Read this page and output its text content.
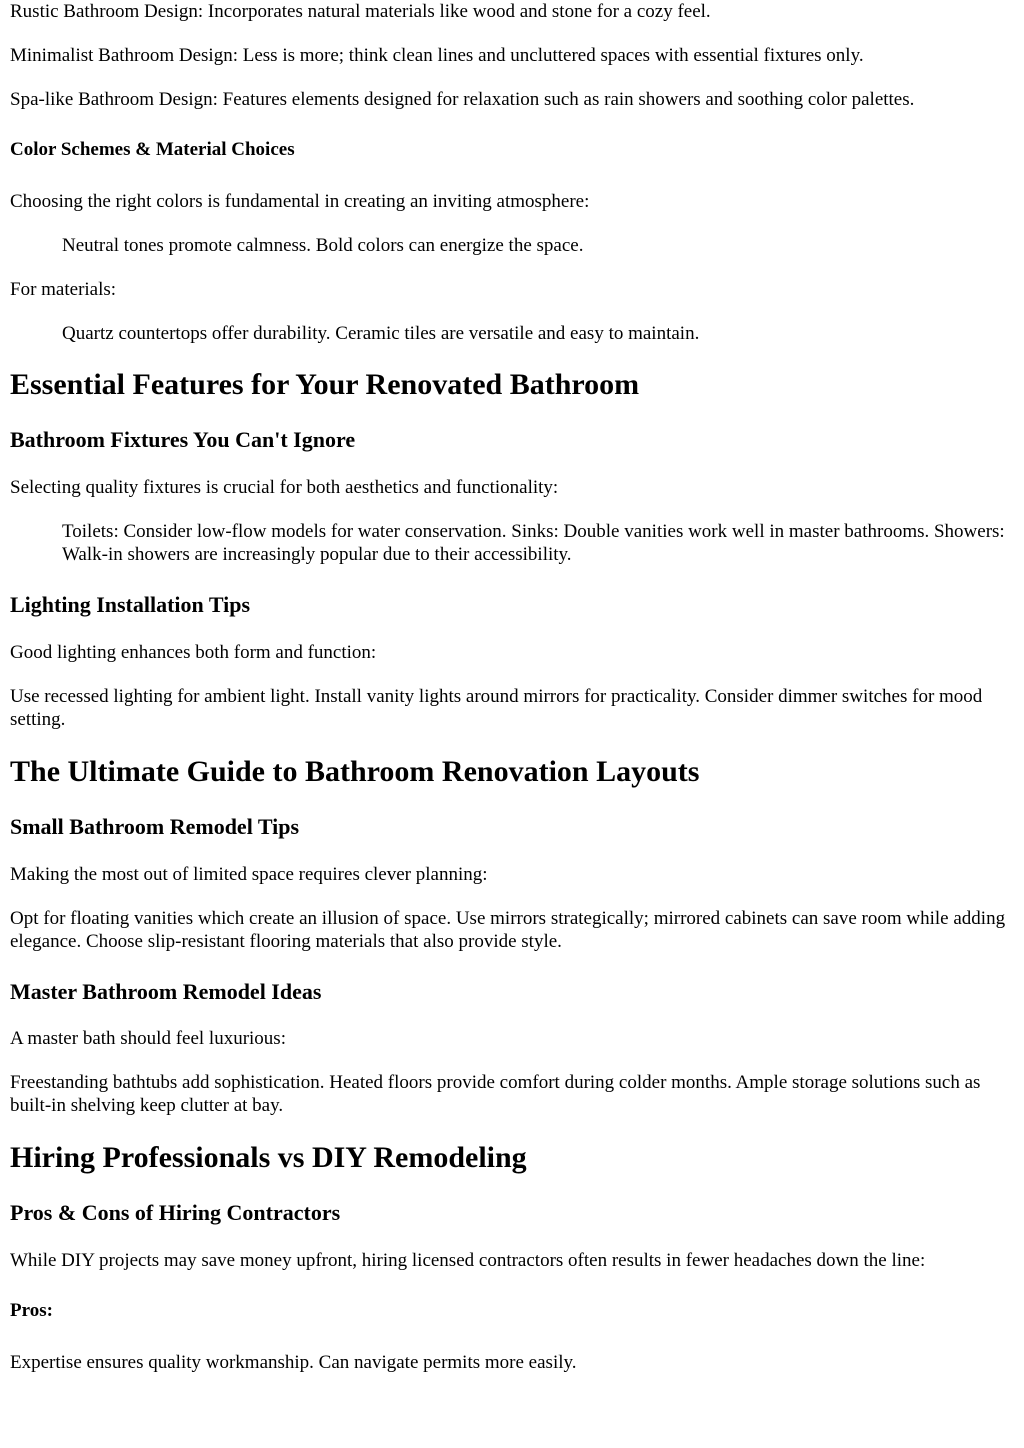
Rustic Bathroom Design: Incorporates natural materials like wood and stone for a cozy feel.

Minimalist Bathroom Design: Less is more; think clean lines and uncluttered spaces with essential fixtures only.

Spa-like Bathroom Design: Features elements designed for relaxation such as rain showers and soothing color palettes.

Color Schemes & Material Choices

Choosing the right colors is fundamental in creating an inviting atmosphere:

Neutral tones promote calmness. Bold colors can energize the space.

For materials:

Quartz countertops offer durability. Ceramic tiles are versatile and easy to maintain.

Essential Features for Your Renovated Bathroom
Bathroom Fixtures You Can't Ignore

Selecting quality fixtures is crucial for both aesthetics and functionality:

Toilets: Consider low-flow models for water conservation. Sinks: Double vanities work well in master bathrooms. Showers: Walk-in showers are increasingly popular due to their accessibility.

Lighting Installation Tips

Good lighting enhances both form and function:

Use recessed lighting for ambient light. Install vanity lights around mirrors for practicality. Consider dimmer switches for mood setting.

The Ultimate Guide to Bathroom Renovation Layouts
Small Bathroom Remodel Tips

Making the most out of limited space requires clever planning:

Opt for floating vanities which create an illusion of space. Use mirrors strategically; mirrored cabinets can save room while adding elegance. Choose slip-resistant flooring materials that also provide style.

Master Bathroom Remodel Ideas

A master bath should feel luxurious:

Freestanding bathtubs add sophistication. Heated floors provide comfort during colder months. Ample storage solutions such as built-in shelving keep clutter at bay.

Hiring Professionals vs DIY Remodeling
Pros & Cons of Hiring Contractors

While DIY projects may save money upfront, hiring licensed contractors often results in fewer headaches down the line:

Pros:

Expertise ensures quality workmanship. Can navigate permits more easily.
